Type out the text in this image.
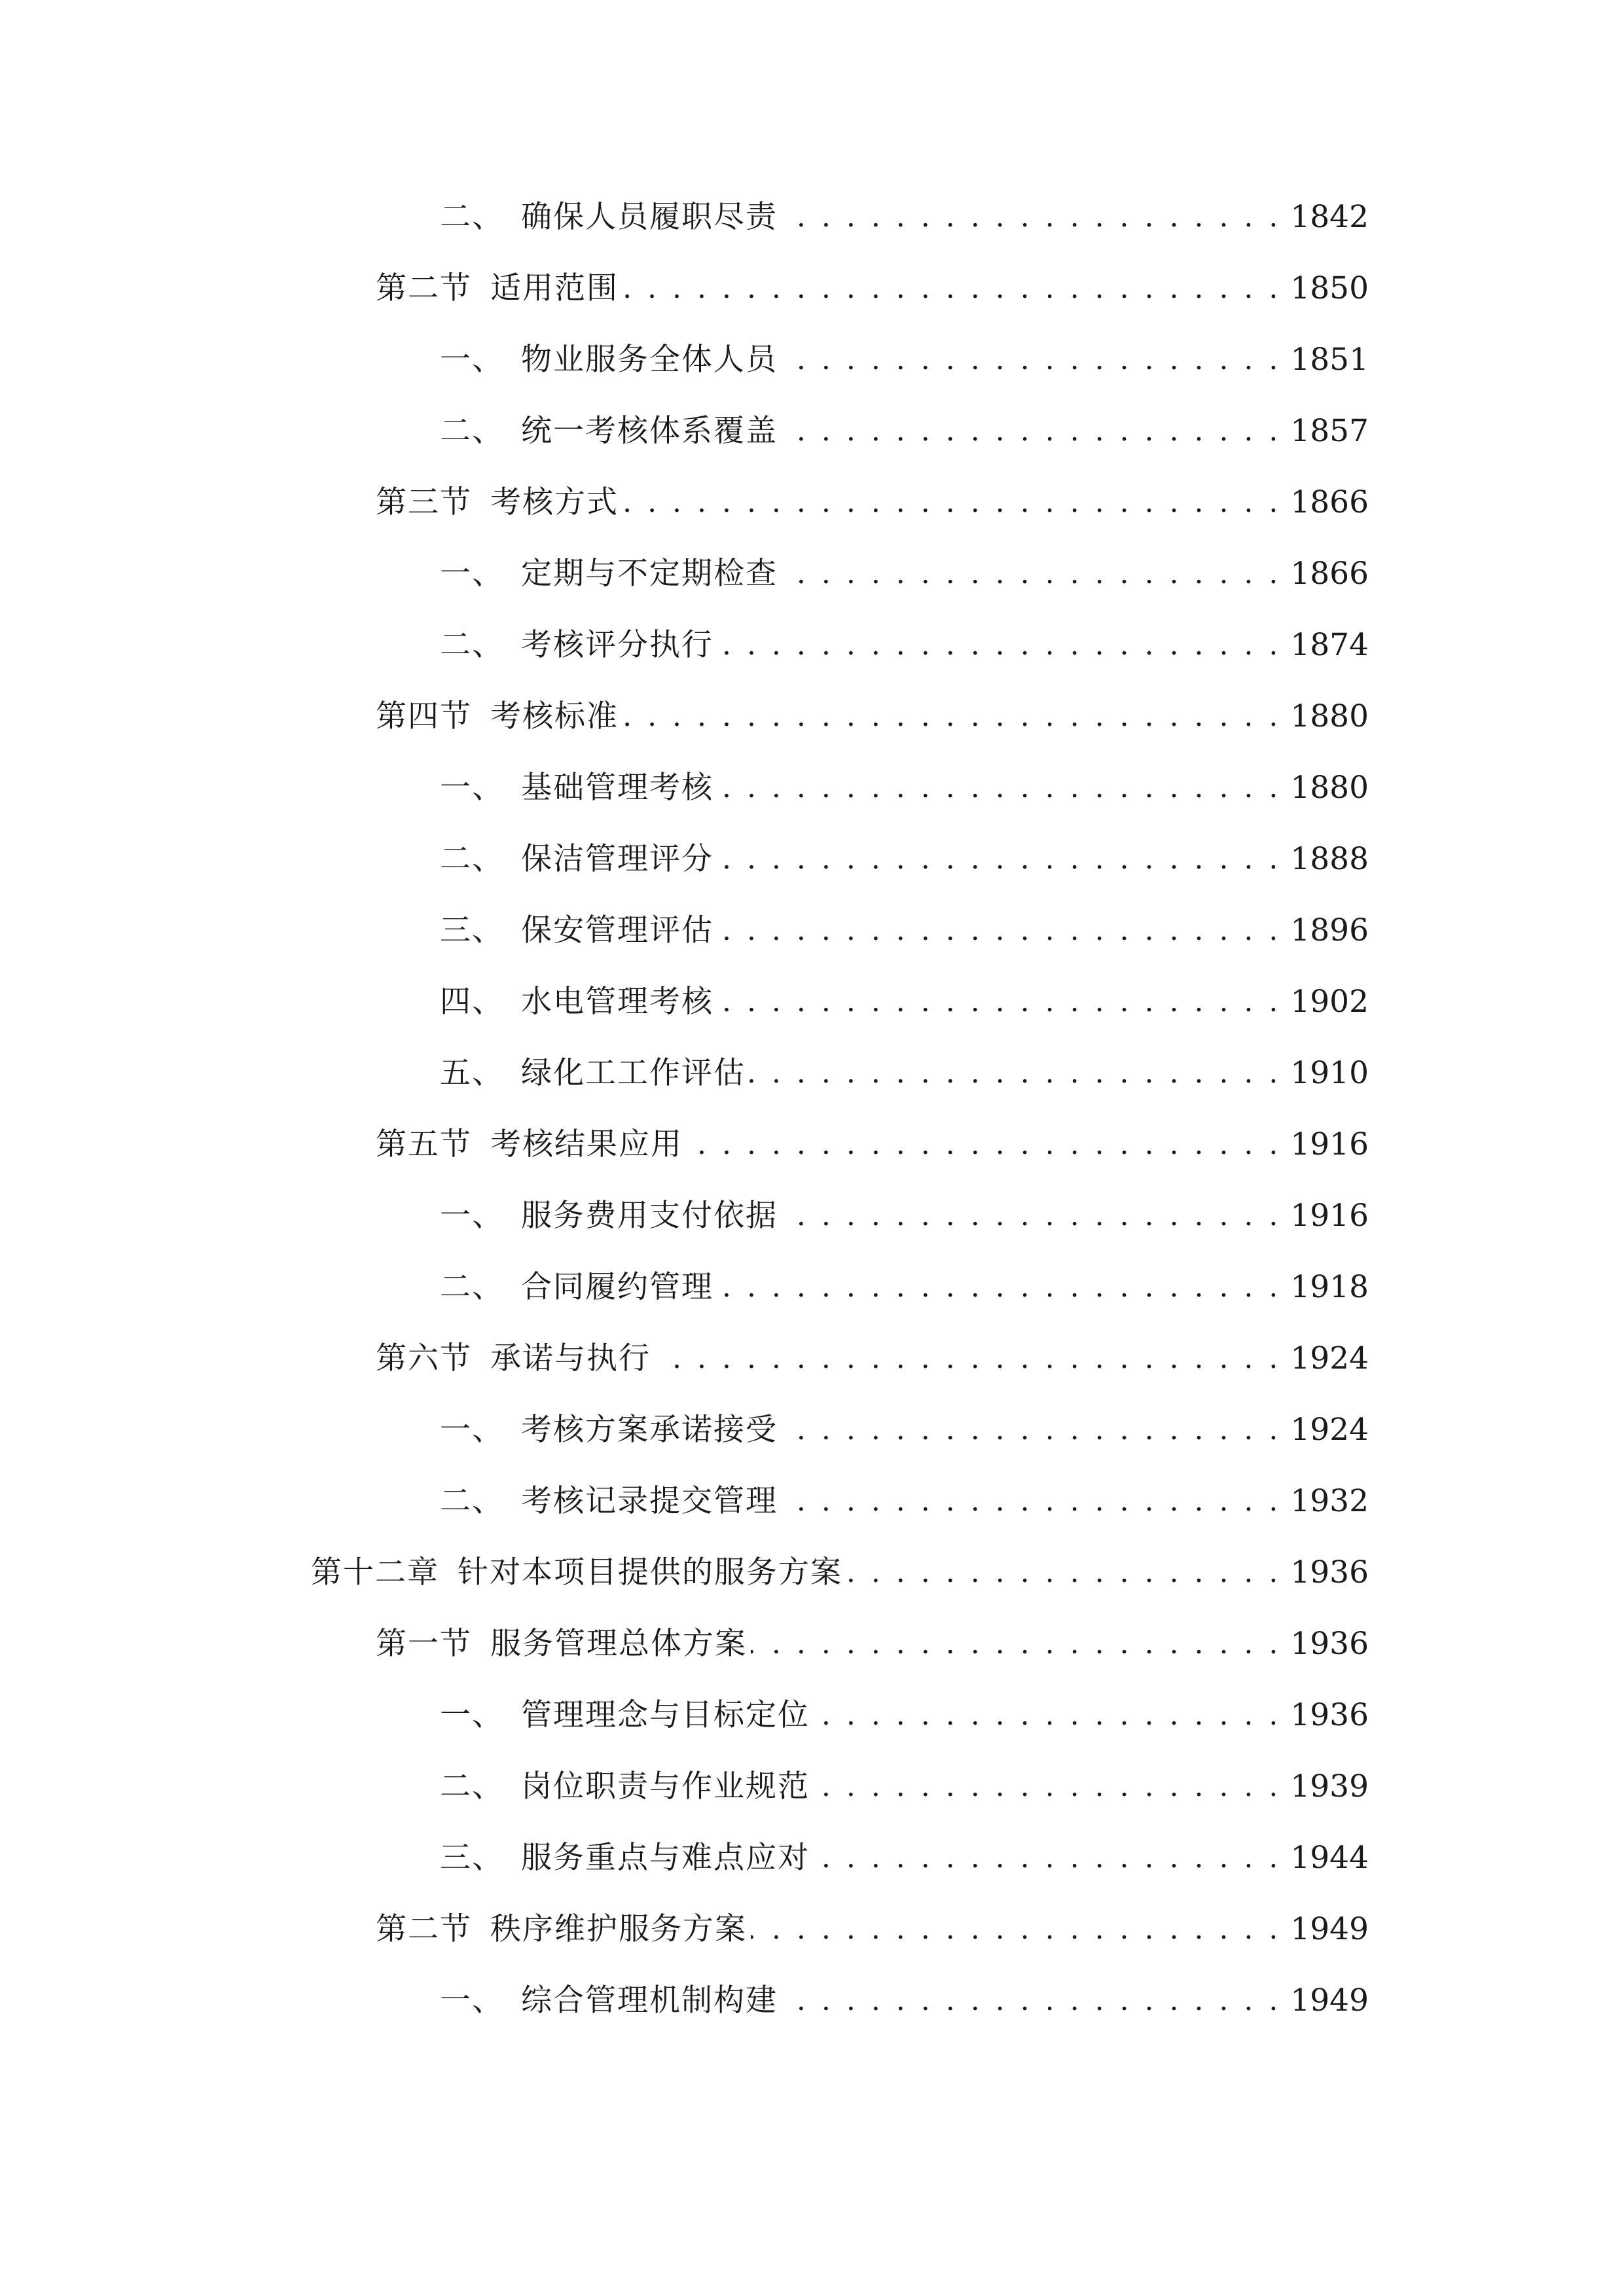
二、 确保人员履职尽责 . . .	1842
第二节 适用范围 . . .	1850
一、 物业服务全体人员 . . .	1851
二、 统一考核体系覆盖 . . .	1857
第三节 考核方式 . . .	1866
一、 定期与不定期检查 . . .	1866
二、 考核评分执行 . . .	1874
第四节 考核标准 . . .	1880
一、 基础管理考核 . . .	1880
二、 保洁管理评分 . . .	1888
三、 保安管理评估 . . .	1896
四、 水电管理考核 . . .	1902
五、 绿化工工作评估 . . .	1910
第五节 考核结果应用 . . .	1916
一、 服务费用支付依据 . . .	1916
二、 合同履约管理 . . .	1918
第六节 承诺与执行 . . .	1924
一、 考核方案承诺接受 . . .	1924
二、 考核记录提交管理 . . .	1932
第十二章 针对本项目提供的服务方案 . . .	1936
第一节 服务管理总体方案 . . .	1936
一、 管理理念与目标定位 . . .	1936
二、 岗位职责与作业规范 . . .	1939
三、 服务重点与难点应对 . . .	1944
第二节 秩序维护服务方案 . . .	1949
一、 综合管理机制构建 . . .	1949
